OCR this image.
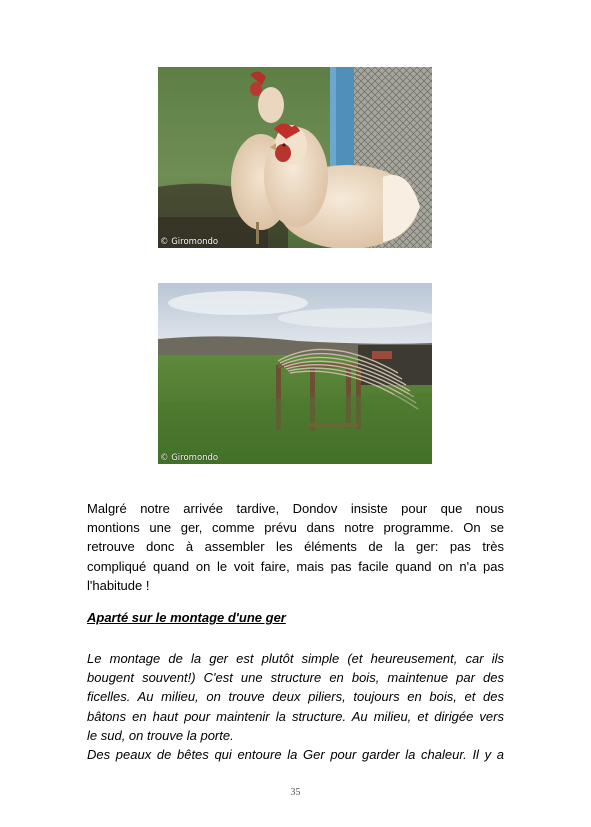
© Giromondo
© Giromondo

Malgré notre arrivée tardive, Dondov insiste pour que nous
montions une ger, comme prévu dans notre programme. On se
retrouve donc à assembler les éléments de la ger: pas très
compliqué quand on le voit faire, mais pas facile quand on n'a pas
l'habitude !

Aparté sur le montage d'une ger

Le montage de la ger est plutôt simple (et heureusement, car ils
bougent souvent!) C'est une structure en bois, maintenue par des
ficelles. Au milieu, on trouve deux piliers, toujours en bois, et des
bâtons en haut pour maintenir la structure. Au milieu, et dirigée vers
le sud, on trouve la porte.
Des peaux de bêtes qui entoure la Ger pour garder la chaleur. Il y a

35
